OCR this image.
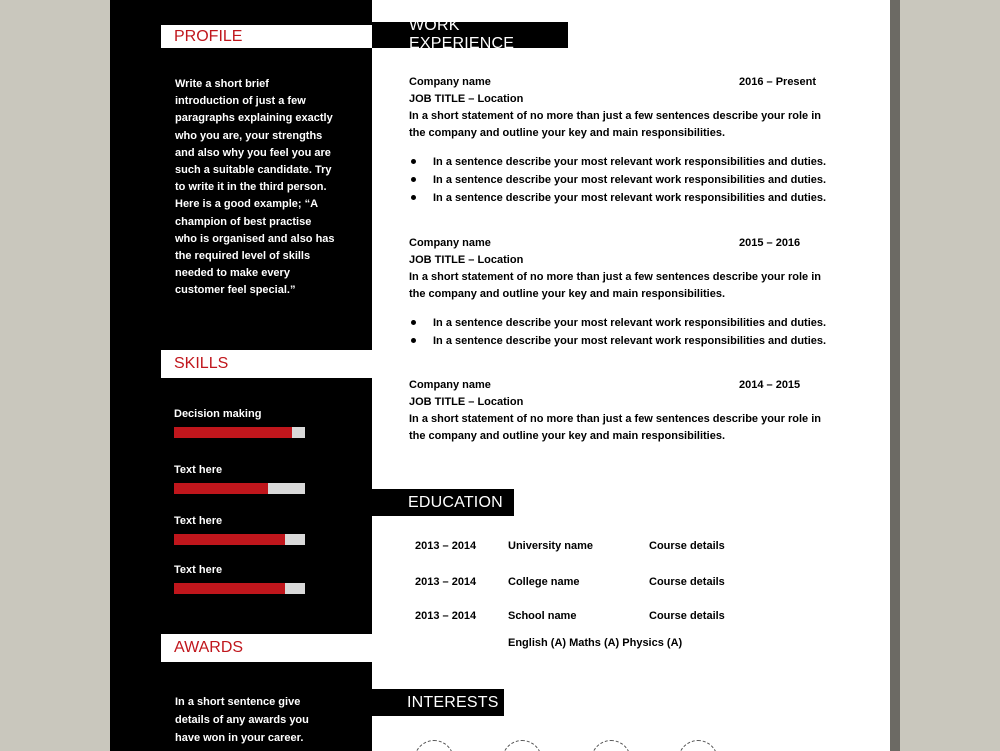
PROFILE
Write a short brief
introduction of just a few
paragraphs explaining exactly
who you are, your strengths
and also why you feel you are
such a suitable candidate. Try
to write it in the third person.
Here is a good example; “A
champion of best practise
who is organised and also has
the required level of skills
needed to make every
customer feel special.”
SKILLS
Decision making
Text here
Text here
Text here
AWARDS
In a short sentence give
details of any awards you
have won in your career.
WORK EXPERIENCE
Company name	2016 – Present
JOB TITLE – Location
In a short statement of no more than just a few sentences describe your role in
the company and outline your key and main responsibilities.
In a sentence describe your most relevant work responsibilities and duties.
In a sentence describe your most relevant work responsibilities and duties.
In a sentence describe your most relevant work responsibilities and duties.
Company name	2015 – 2016
JOB TITLE – Location
In a short statement of no more than just a few sentences describe your role in
the company and outline your key and main responsibilities.
In a sentence describe your most relevant work responsibilities and duties.
In a sentence describe your most relevant work responsibilities and duties.
Company name	2014 – 2015
JOB TITLE – Location
In a short statement of no more than just a few sentences describe your role in
the company and outline your key and main responsibilities.
EDUCATION
2013 – 2014	University name	Course details
2013 – 2014	College name	Course details
2013 – 2014	School name	Course details
English (A) Maths (A) Physics (A)
INTERESTS
